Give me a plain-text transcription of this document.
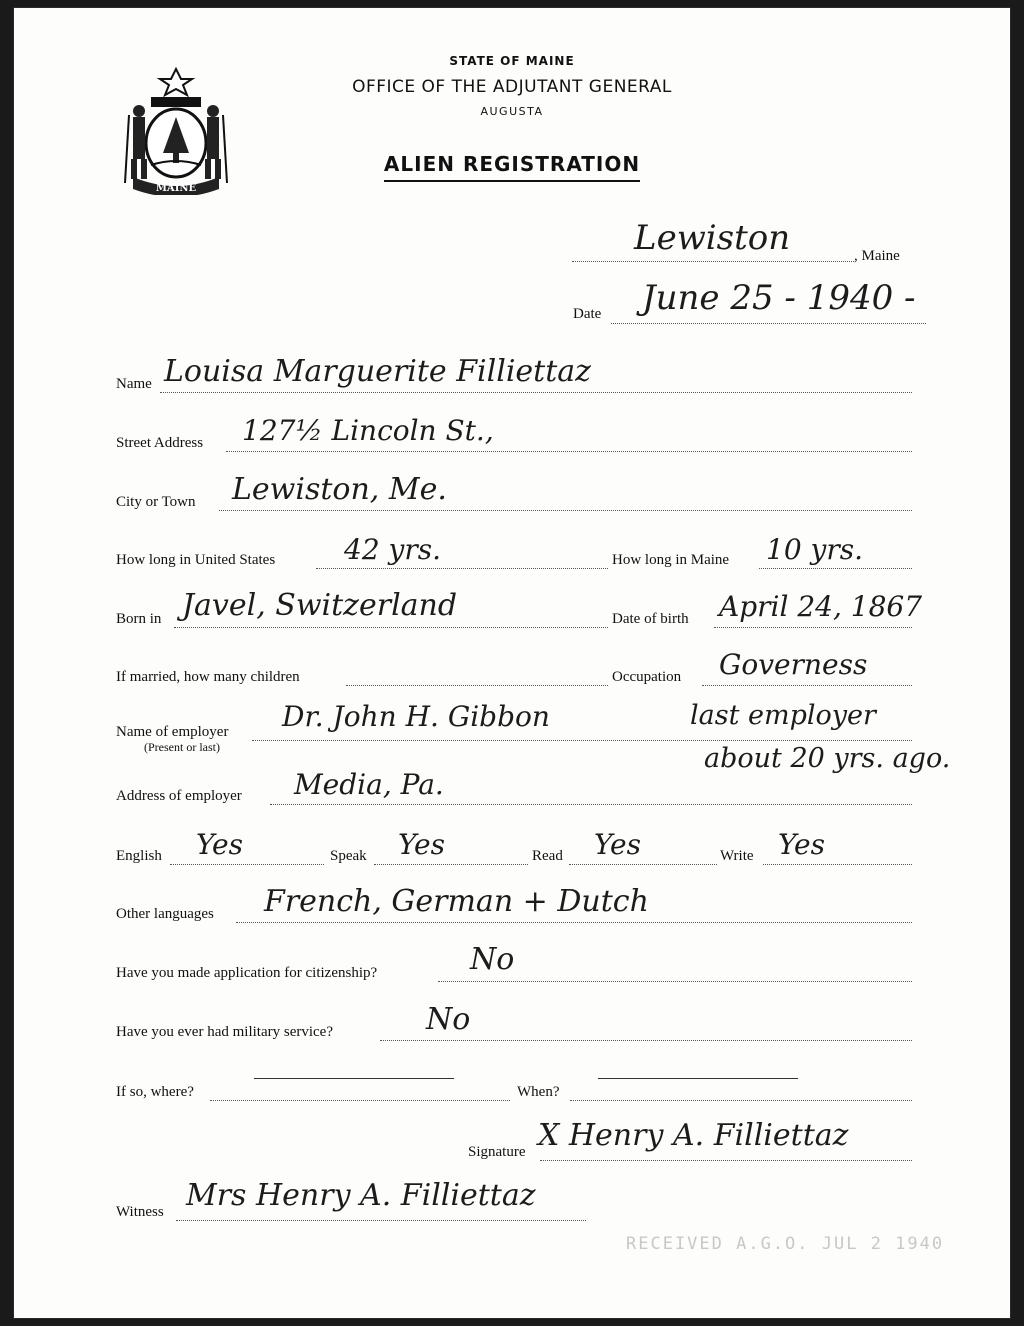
MAINE
STATE OF MAINE
OFFICE OF THE ADJUTANT GENERAL
AUGUSTA
ALIEN REGISTRATION
Lewiston	, Maine
Date June 25 - 1940 -
Name Louisa Marguerite Filliettaz
Street Address 127½ Lincoln St.,
City or Town Lewiston, Me.
How long in United States 42 yrs.	How long in Maine 10 yrs.
Born in Javel, Switzerland	Date of birth April 24, 1867
If married, how many children	Occupation Governess
Name of employer
(Present or last)
Dr. John H. Gibbon	last employer
about 20 yrs. ago.
Address of employer Media, Pa.
English Yes	Speak Yes	Read Yes	Write Yes
Other languages French, German + Dutch
Have you made application for citizenship?	No
Have you ever had military service?	No
If so, where?	When?
Signature X Henry A. Filliettaz
Witness Mrs Henry A. Filliettaz
RECEIVED A.G.O. JUL 2 1940
